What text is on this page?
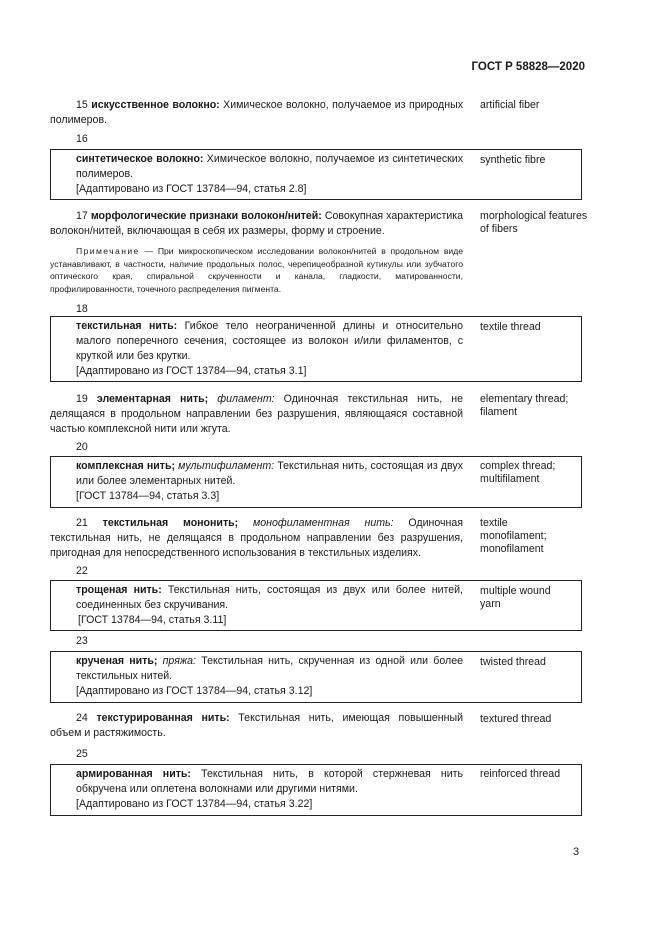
ГОСТ Р 58828—2020
15 искусственное волокно: Химическое волокно, получаемое из природных полимеров.
artificial fiber
16
синтетическое волокно: Химическое волокно, получаемое из синтетических полимеров.
[Адаптировано из ГОСТ 13784—94, статья 2.8]
synthetic fibre
17 морфологические признаки волокон/нитей: Совокупная характеристика волокон/нитей, включающая в себя их размеры, форму и строение.
Примечание — При микроскопическом исследовании волокон/нитей в продольном виде устанавливают, в частности, наличие продольных полос, черепицеобразной кутикулы или зубчатого оптического края, спиральной скрученности и канала, гладкости, матированности, профилированности, точечного распределения пигмента.
morphological features of fibers
18
текстильная нить: Гибкое тело неограниченной длины и относительно малого поперечного сечения, состоящее из волокон и/или филаментов, с круткой или без крутки.
[Адаптировано из ГОСТ 13784—94, статья 3.1]
textile thread
19 элементарная нить; филамент: Одиночная текстильная нить, не делящаяся в продольном направлении без разрушения, являющаяся составной частью комплексной нити или жгута.
elementary thread; filament
20
комплексная нить; мультифиламент: Текстильная нить, состоящая из двух или более элементарных нитей.
[ГОСТ 13784—94, статья 3.3]
complex thread; multifilament
21 текстильная мононить; монофиламентная нить: Одиночная текстильная нить, не делящаяся в продольном направлении без разрушения, пригодная для непосредственного использования в текстильных изделиях.
textile monofilament; monofilament
22
трощеная нить: Текстильная нить, состоящая из двух или более нитей, соединенных без скручивания.
[ГОСТ 13784—94, статья 3.11]
multiple wound yarn
23
крученая нить; пряжа: Текстильная нить, скрученная из одной или более текстильных нитей.
[Адаптировано из ГОСТ 13784—94, статья 3.12]
twisted thread
24 текстурированная нить: Текстильная нить, имеющая повышенный объем и растяжимость.
textured thread
25
армированная нить: Текстильная нить, в которой стержневая нить обкручена или оплетена волокнами или другими нитями.
[Адаптировано из ГОСТ 13784—94, статья 3.22]
reinforced thread
3
